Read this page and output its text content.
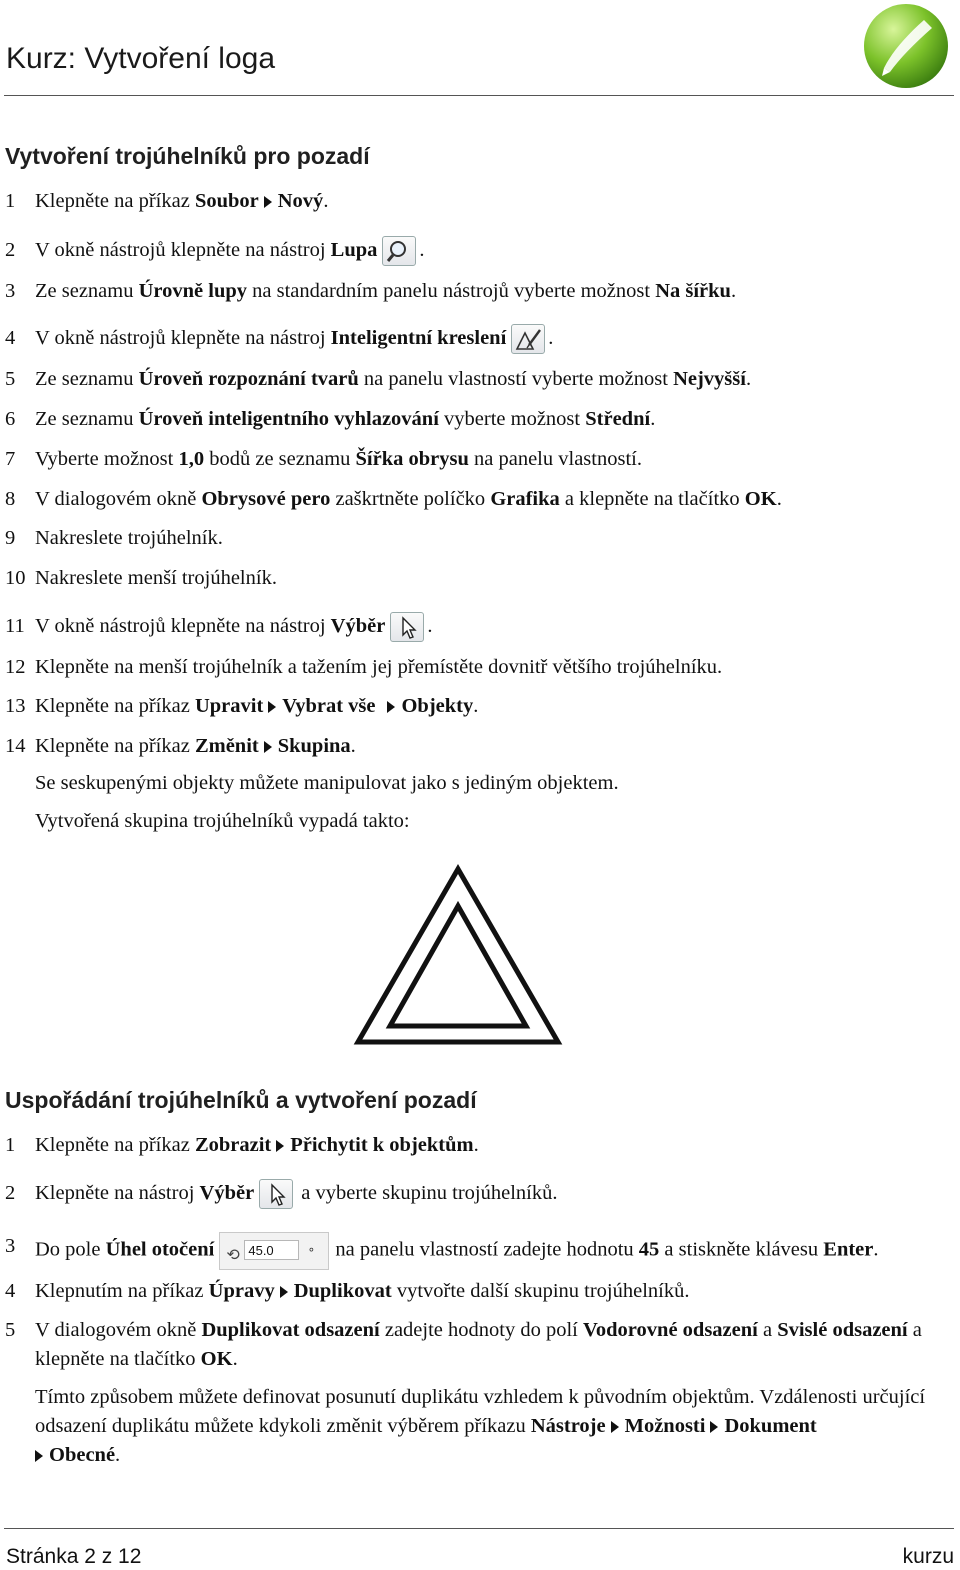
Kurz: Vytvoření loga
Vytvoření trojúhelníků pro pozadí
1 Klepněte na příkaz Soubor Nový.
2 V okně nástrojů klepněte na nástroj Lupa .
3 Ze seznamu Úrovně lupy na standardním panelu nástrojů vyberte možnost Na šířku.
4 V okně nástrojů klepněte na nástroj Inteligentní kreslení .
5 Ze seznamu Úroveň rozpoznání tvarů na panelu vlastností vyberte možnost Nejvyšší.
6 Ze seznamu Úroveň inteligentního vyhlazování vyberte možnost Střední.
7 Vyberte možnost 1,0 bodů ze seznamu Šířka obrysu na panelu vlastností.
8 V dialogovém okně Obrysové pero zaškrtněte políčko Grafika a klepněte na tlačítko OK.
9 Nakreslete trojúhelník.
10 Nakreslete menší trojúhelník.
11 V okně nástrojů klepněte na nástroj Výběr .
12 Klepněte na menší trojúhelník a tažením jej přemístěte dovnitř většího trojúhelníku.
13 Klepněte na příkaz Upravit Vybrat vše Objekty.
14 Klepněte na příkaz Změnit Skupina.
Se seskupenými objekty můžete manipulovat jako s jediným objektem.
Vytvořená skupina trojúhelníků vypadá takto:
Uspořádání trojúhelníků a vytvoření pozadí
1 Klepněte na příkaz Zobrazit Přichytit k objektům.
2 Klepněte na nástroj Výběr a vyberte skupinu trojúhelníků.
3 Do pole Úhel otočení ⟲ 45.0	° na panelu vlastností zadejte hodnotu 45 a stiskněte klávesu Enter.
4 Klepnutím na příkaz Úpravy Duplikovat vytvořte další skupinu trojúhelníků.
5 V dialogovém okně Duplikovat odsazení zadejte hodnoty do polí Vodorovné odsazení a Svislé odsazení a klepněte na tlačítko OK.
Tímto způsobem můžete definovat posunutí duplikátu vzhledem k původním objektům. Vzdálenosti určující odsazení duplikátu můžete kdykoli změnit výběrem příkazu Nástroje Možnosti Dokument
Obecné.
Stránka 2 z 12	kurzu
